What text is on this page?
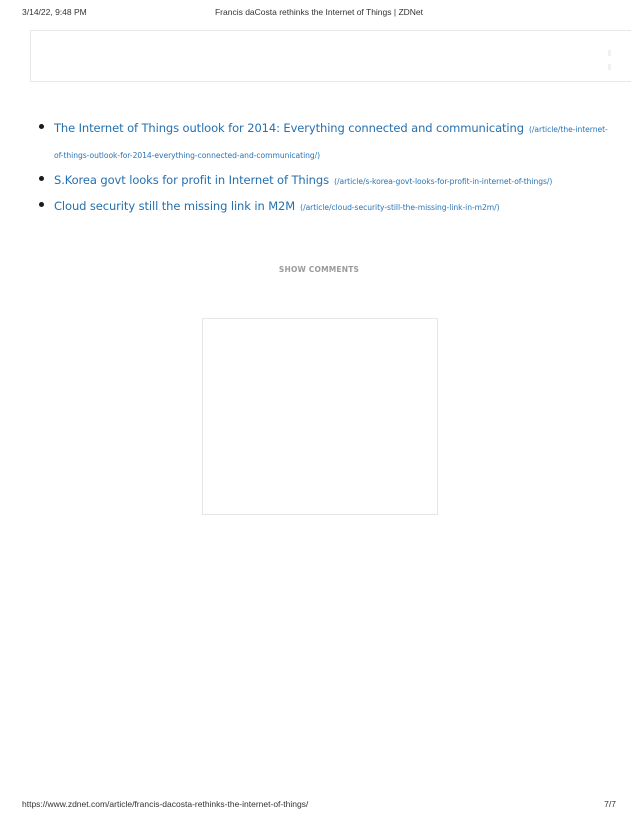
3/14/22, 9:48 PM	Francis daCosta rethinks the Internet of Things | ZDNet
The Internet of Things outlook for 2014: Everything connected and communicating (/article/the-internet-of-things-outlook-for-2014-everything-connected-and-communicating/)
S.Korea govt looks for profit in Internet of Things (/article/s-korea-govt-looks-for-profit-in-internet-of-things/)
Cloud security still the missing link in M2M (/article/cloud-security-still-the-missing-link-in-m2m/)
SHOW COMMENTS
https://www.zdnet.com/article/francis-dacosta-rethinks-the-internet-of-things/	7/7
